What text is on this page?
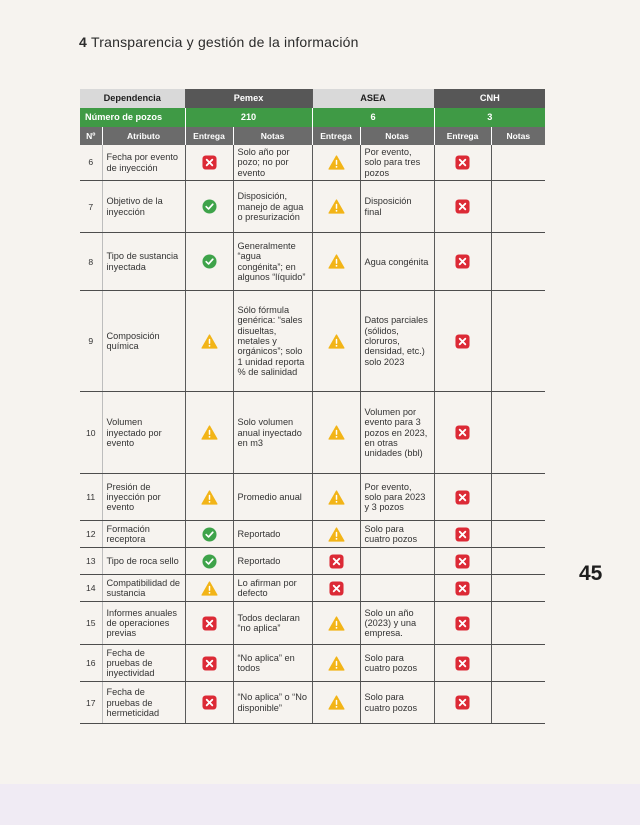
4 Transparencia y gestión de la información
Dependencia		Pemex		ASEA		CNH	
Número de pozos		210		6		3	
Nº	Atributo	Entrega	Notas	Entrega	Notas	Entrega	Notas
6	Fecha por evento de inyección		Solo año por pozo; no por evento		Por evento, solo para tres pozos		
7	Objetivo de la inyección		Disposición, manejo de agua o presurización		Disposición final		
8	Tipo de sustancia inyectada		Generalmente “agua congénita”; en algunos “líquido”		Agua congénita		
9	Composición química		Sólo fórmula genérica: “sales disueltas, metales y orgánicos”; solo 1 unidad reporta % de salinidad		Datos parciales (sólidos, cloruros, densidad, etc.) solo 2023		
10	Volumen inyectado por evento		Solo volumen anual inyectado en m3		Volumen por evento para 3 pozos en 2023, en otras unidades (bbl)		
11	Presión de inyección por evento		Promedio anual		Por evento, solo para 2023 y 3 pozos		
12	Formación receptora		Reportado		Solo para cuatro pozos		
13	Tipo de roca sello		Reportado				
14	Compatibilidad de sustancia		Lo afirman por defecto				
15	Informes anuales de operaciones previas		Todos declaran “no aplica”		Solo un año (2023) y una empresa.		
16	Fecha de pruebas de inyectividad		“No aplica” en todos		Solo para cuatro pozos		
17	Fecha de pruebas de hermeticidad		“No aplica” o “No disponible”		Solo para cuatro pozos		
45
